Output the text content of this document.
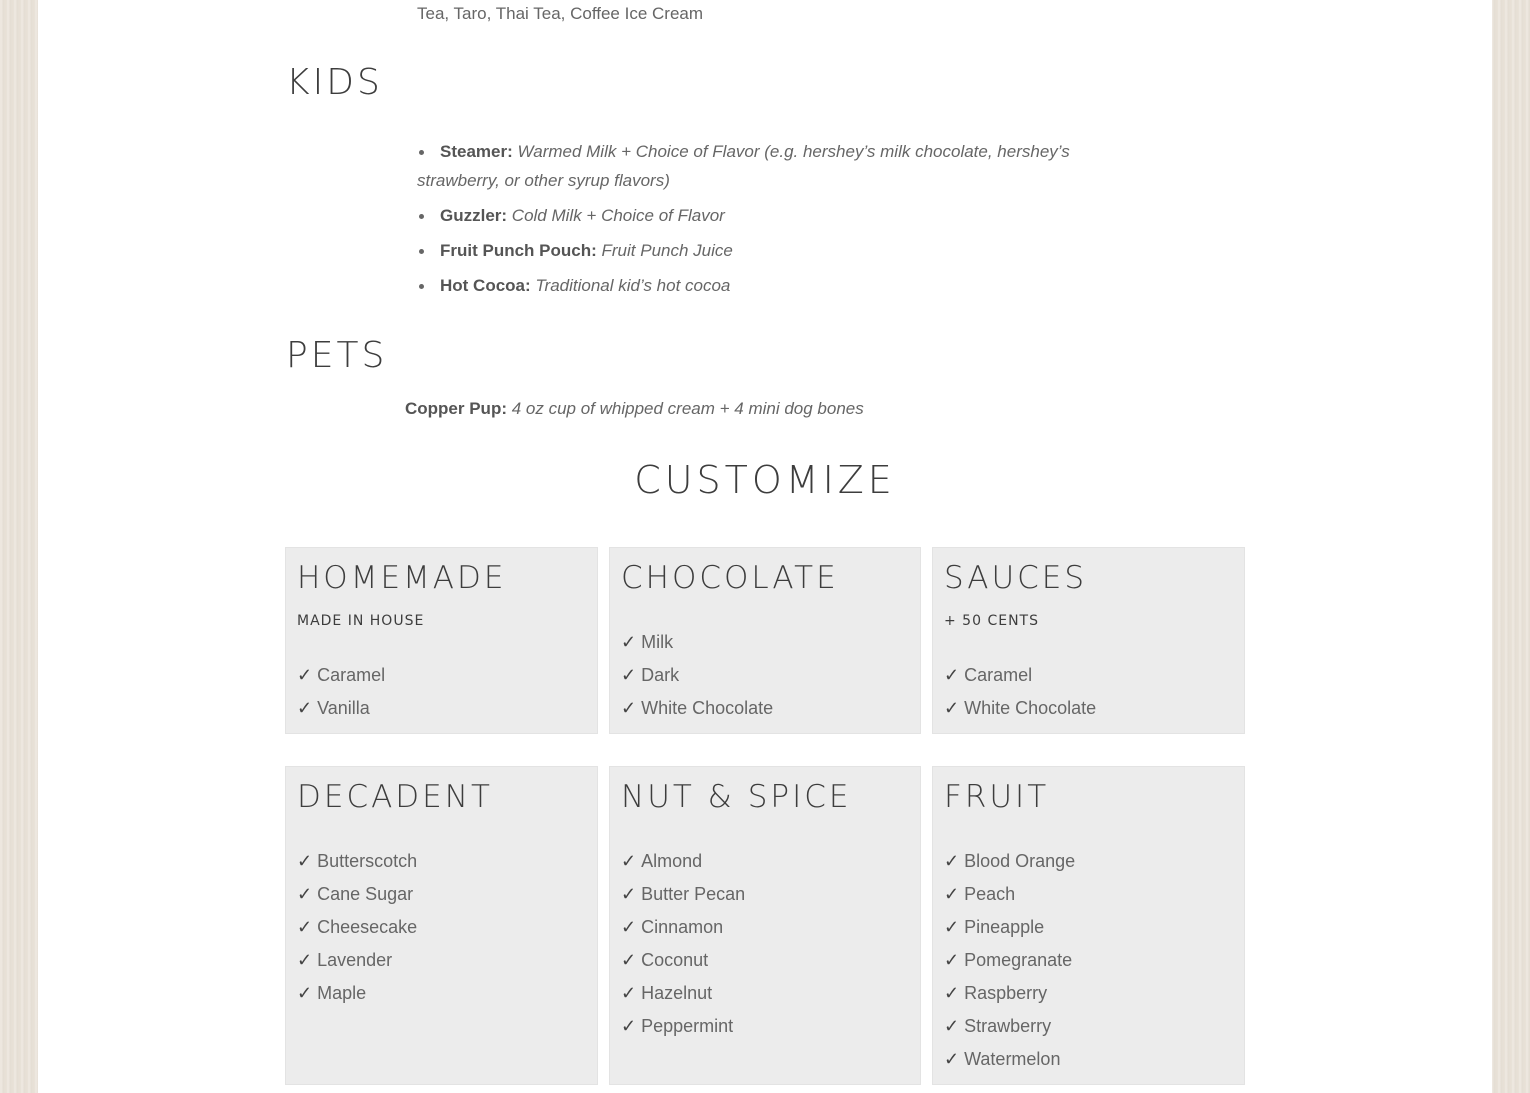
Tea, Taro, Thai Tea, Coffee Ice Cream
KIDS
Steamer: Warmed Milk + Choice of Flavor (e.g. hershey’s milk chocolate, hershey’s strawberry, or other syrup flavors)
Guzzler: Cold Milk + Choice of Flavor
Fruit Punch Pouch: Fruit Punch Juice
Hot Cocoa: Traditional kid’s hot cocoa
PETS
Copper Pup: 4 oz cup of whipped cream + 4 mini dog bones
CUSTOMIZE
HOMEMADE
MADE IN HOUSE
✓ Caramel
✓ Vanilla
CHOCOLATE
✓ Milk
✓ Dark
✓ White Chocolate
SAUCES
+ 50 CENTS
✓ Caramel
✓ White Chocolate
DECADENT
✓ Butterscotch
✓ Cane Sugar
✓ Cheesecake
✓ Lavender
✓ Maple
NUT & SPICE
✓ Almond
✓ Butter Pecan
✓ Cinnamon
✓ Coconut
✓ Hazelnut
✓ Peppermint
FRUIT
✓ Blood Orange
✓ Peach
✓ Pineapple
✓ Pomegranate
✓ Raspberry
✓ Strawberry
✓ Watermelon
